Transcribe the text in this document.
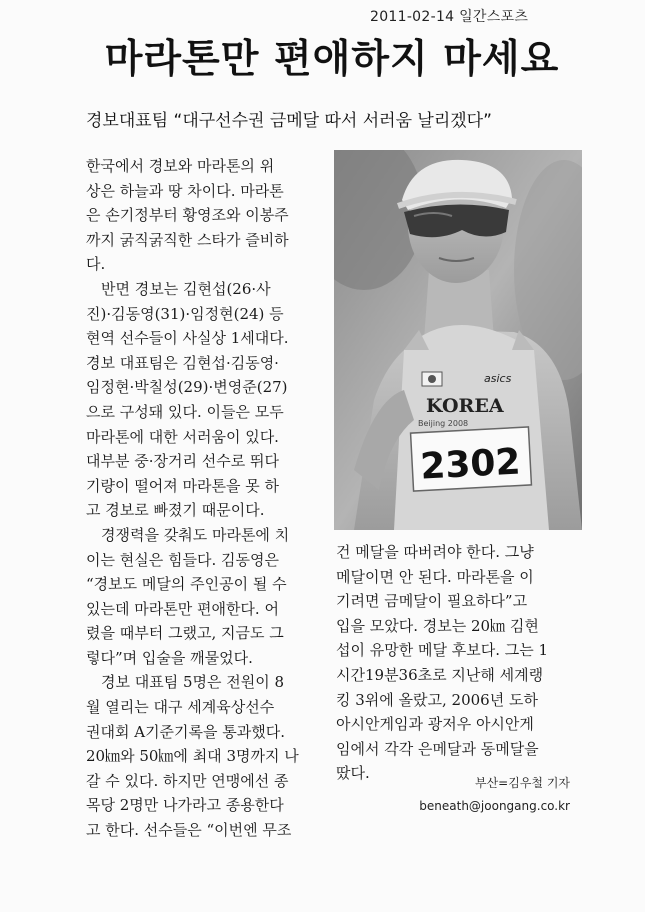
2011-02-14 일간스포츠
마라톤만 편애하지 마세요
경보대표팀 “대구선수권 금메달 따서 서러움 날리겠다”

한국에서 경보와 마라톤의 위

상은 하늘과 땅 차이다. 마라톤

은 손기정부터 황영조와 이봉주

까지 굵직굵직한 스타가 즐비하

다.

　반면 경보는 김현섭(26·사

진)·김동영(31)·임정현(24) 등

현역 선수들이 사실상 1세대다.

경보 대표팀은 김현섭·김동영·

임정현·박칠성(29)·변영준(27)

으로 구성돼 있다. 이들은 모두

마라톤에 대한 서러움이 있다.

대부분 중·장거리 선수로 뛰다

기량이 떨어져 마라톤을 못 하

고 경보로 빠졌기 때문이다.

　경쟁력을 갖춰도 마라톤에 치

이는 현실은 힘들다. 김동영은

“경보도 메달의 주인공이 될 수

있는데 마라톤만 편애한다. 어

렸을 때부터 그랬고, 지금도 그

렇다”며 입술을 깨물었다.

　경보 대표팀 5명은 전원이 8

월 열리는 대구 세계육상선수

권대회 A기준기록을 통과했다.

20㎞와 50㎞에 최대 3명까지 나

갈 수 있다. 하지만 연맹에선 종

목당 2명만 나가라고 종용한다

고 한다. 선수들은 “이번엔 무조

asics
KOREA
Beijing 2008
2302

건 메달을 따버려야 한다. 그냥

메달이면 안 된다. 마라톤을 이

기려면 금메달이 필요하다”고

입을 모았다. 경보는 20㎞ 김현

섭이 유망한 메달 후보다. 그는 1

시간19분36초로 지난해 세계랭

킹 3위에 올랐고, 2006년 도하

아시안게임과 광저우 아시안게

임에서 각각 은메달과 동메달을

땄다.

부산=김우철 기자
beneath@joongang.co.kr
